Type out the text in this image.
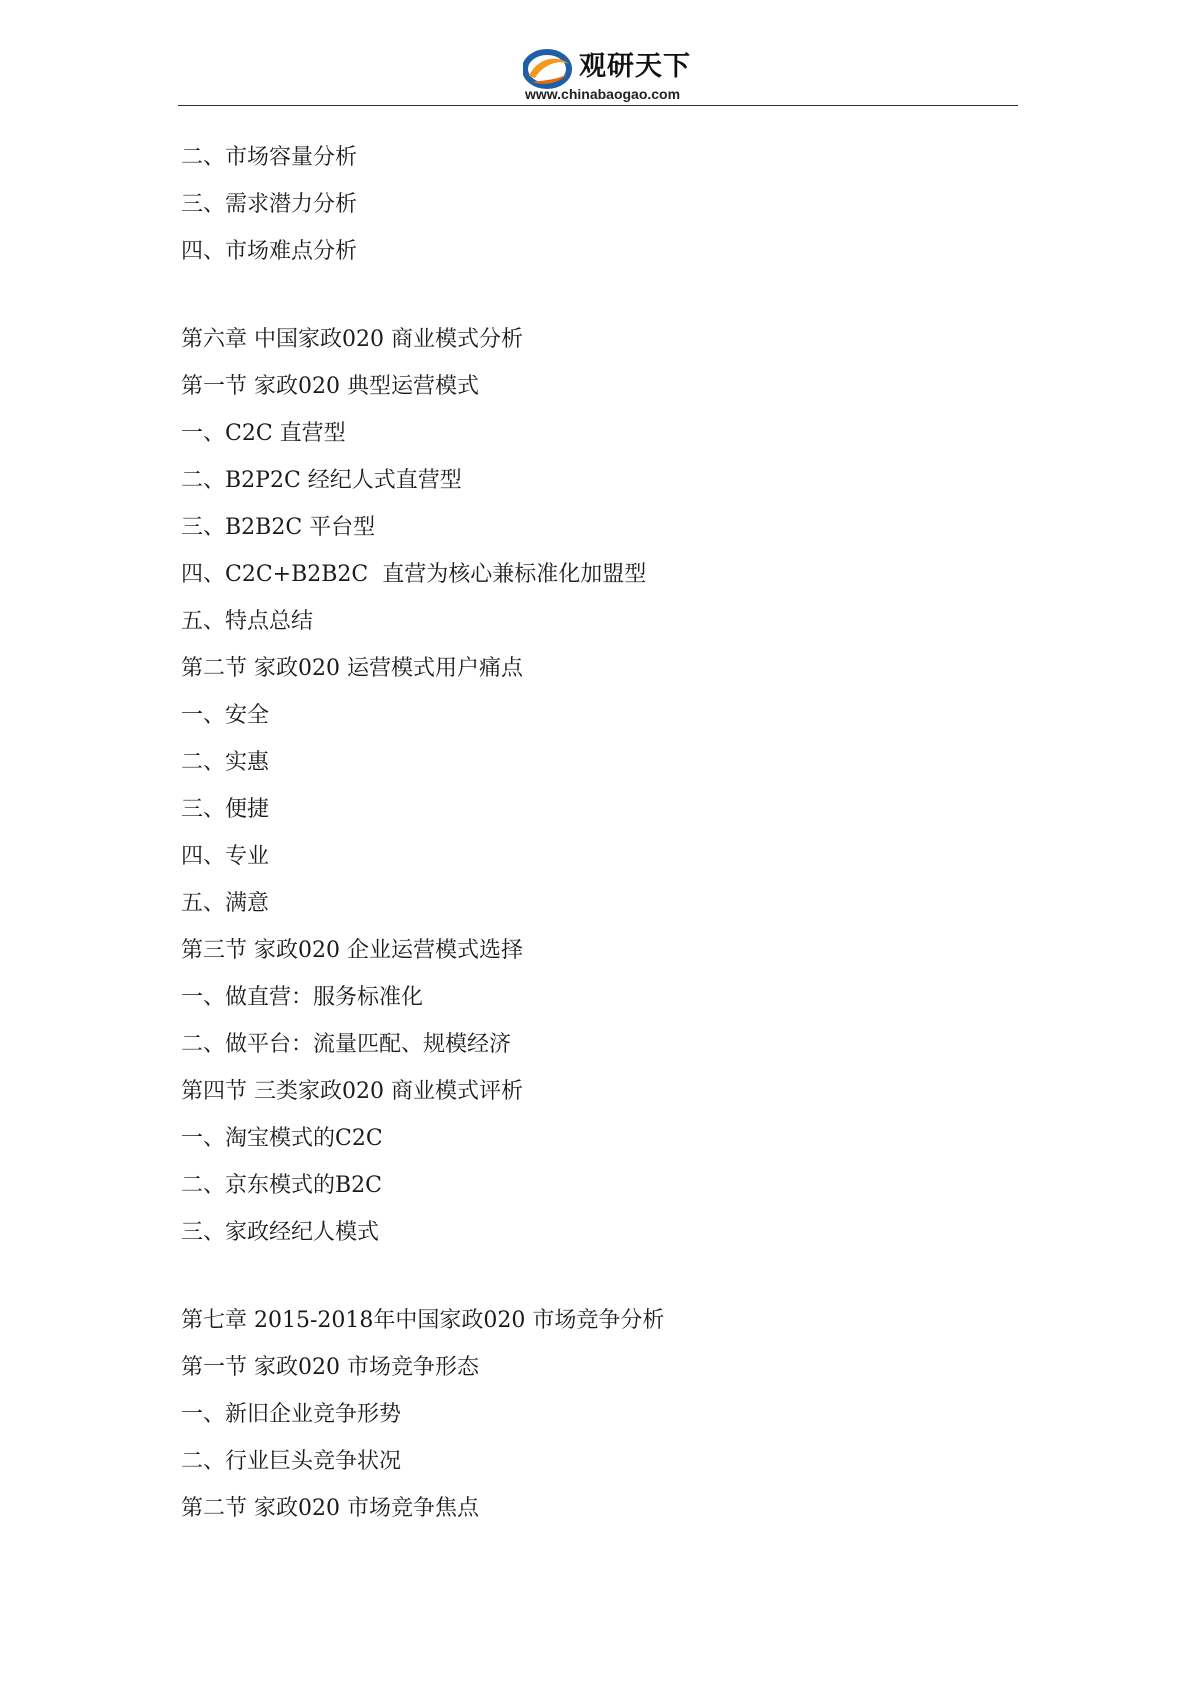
观研天下
www.chinabaogao.com
二、市场容量分析
三、需求潜力分析
四、市场难点分析
第六章 中国家政020 商业模式分析
第一节 家政020 典型运营模式
一、C2C 直营型
二、B2P2C 经纪人式直营型
三、B2B2C 平台型
四、C2C+B2B2C  直营为核心兼标准化加盟型
五、特点总结
第二节 家政020 运营模式用户痛点
一、安全
二、实惠
三、便捷
四、专业
五、满意
第三节 家政020 企业运营模式选择
一、做直营：服务标准化
二、做平台：流量匹配、规模经济
第四节 三类家政020 商业模式评析
一、淘宝模式的C2C
二、京东模式的B2C
三、家政经纪人模式
第七章 2015-2018年中国家政020 市场竞争分析
第一节 家政020 市场竞争形态
一、新旧企业竞争形势
二、行业巨头竞争状况
第二节 家政020 市场竞争焦点
